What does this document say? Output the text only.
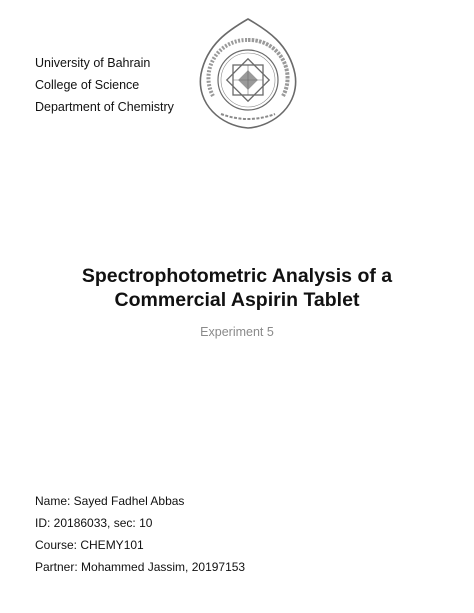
University of Bahrain
College of Science
Department of Chemistry
Spectrophotometric Analysis of a
Commercial Aspirin Tablet
Experiment 5
Name: Sayed Fadhel Abbas
ID: 20186033, sec: 10
Course: CHEMY101
Partner: Mohammed Jassim, 20197153
